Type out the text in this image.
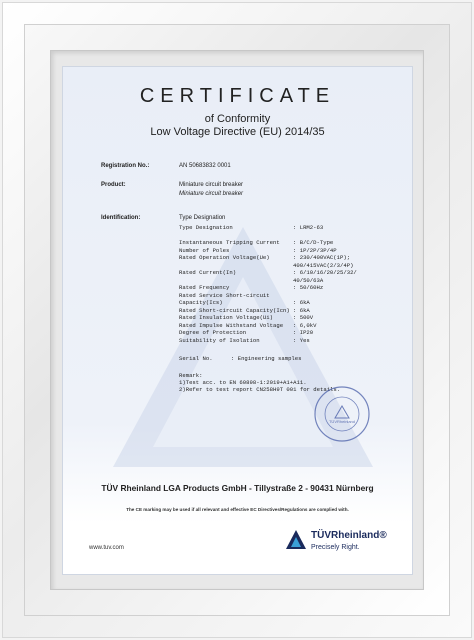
CERTIFICATE
of Conformity
Low Voltage Directive (EU) 2014/35
Registration No.:	AN 50683832 0001
Product:	Miniature circuit breaker
Miniature circuit breaker
Identification:	Type Designation
Type Designation	: LRM2-63
Instantaneous Tripping Current	: B/C/D-Type
Number of Poles	: 1P/2P/3P/4P
Rated Operation Voltage(Ue)	: 230/400VAC(1P);
400/415VAC(2/3/4P)
Rated Current(In)	: 6/10/16/20/25/32/
40/50/63A
Rated Frequency	: 50/60Hz
Rated Service Short-circuit
Capacity(Ics)	: 6kA
Rated Short-circuit Capacity(Icn) : 6kA
Rated Insulation Voltage(Ui)	: 500V
Rated Impulse Withstand Voltage	: 6,0kV
Degree of Protection	: IP20
Suitability of Isolation	: Yes
Serial No.	: Engineering samples
Remark:
1)Test acc. to EN 60898-1:2019+A1+A11.
2)Refer to test report CN258H9T 001 for details.
TÜVRheinland
TÜV Rheinland LGA Products GmbH - Tillystraße 2 - 90431 Nürnberg
The CE marking may be used if all relevant and effective EC Directives/Regulations are complied with.
www.tuv.com
TÜVRheinland®
Precisely Right.
